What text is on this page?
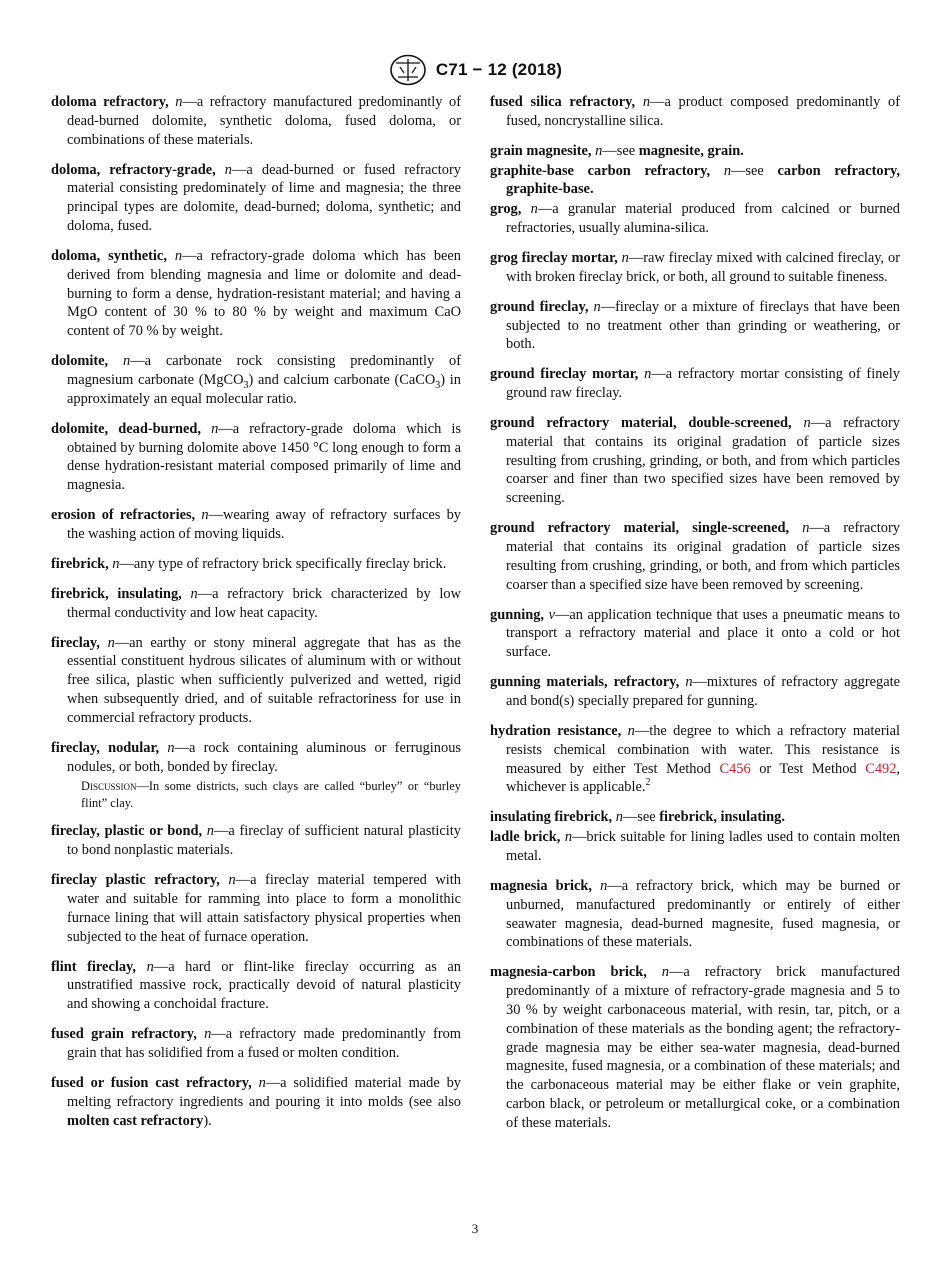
C71 − 12 (2018)

doloma refractory, n—a refractory manufactured predominantly of dead-burned dolomite, synthetic doloma, fused doloma, or combinations of these materials.

doloma, refractory-grade, n—a dead-burned or fused refractory material consisting predominately of lime and magnesia; the three principal types are dolomite, dead-burned; doloma, synthetic; and doloma, fused.

doloma, synthetic, n—a refractory-grade doloma which has been derived from blending magnesia and lime or dolomite and dead-burning to form a dense, hydration-resistant material; and having a MgO content of 30 % to 80 % by weight and maximum CaO content of 70 % by weight.

dolomite, n—a carbonate rock consisting predominantly of magnesium carbonate (MgCO$_3$) and calcium carbonate (CaCO$_3$) in approximately an equal molecular ratio.

dolomite, dead-burned, n—a refractory-grade doloma which is obtained by burning dolomite above 1450 °C long enough to form a dense hydration-resistant material composed primarily of lime and magnesia.

erosion of refractories, n—wearing away of refractory surfaces by the washing action of moving liquids.

firebrick, n—any type of refractory brick specifically fireclay brick.

firebrick, insulating, n—a refractory brick characterized by low thermal conductivity and low heat capacity.

fireclay, n—an earthy or stony mineral aggregate that has as the essential constituent hydrous silicates of aluminum with or without free silica, plastic when sufficiently pulverized and wetted, rigid when subsequently dried, and of suitable refractoriness for use in commercial refractory products.

fireclay, nodular, n—a rock containing aluminous or ferruginous nodules, or both, bonded by fireclay.

Discussion—In some districts, such clays are called “burley” or “burley flint” clay.

fireclay, plastic or bond, n—a fireclay of sufficient natural plasticity to bond nonplastic materials.

fireclay plastic refractory, n—a fireclay material tempered with water and suitable for ramming into place to form a monolithic furnace lining that will attain satisfactory physical properties when subjected to the heat of furnace operation.

flint fireclay, n—a hard or flint-like fireclay occurring as an unstratified massive rock, practically devoid of natural plasticity and showing a conchoidal fracture.

fused grain refractory, n—a refractory made predominantly from grain that has solidified from a fused or molten condition.

fused or fusion cast refractory, n—a solidified material made by melting refractory ingredients and pouring it into molds (see also molten cast refractory).

fused silica refractory, n—a product composed predominantly of fused, noncrystalline silica.

grain magnesite, n—see magnesite, grain.

graphite-base carbon refractory, n—see carbon refractory, graphite-base.

grog, n—a granular material produced from calcined or burned refractories, usually alumina-silica.

grog fireclay mortar, n—raw fireclay mixed with calcined fireclay, or with broken fireclay brick, or both, all ground to suitable fineness.

ground fireclay, n—fireclay or a mixture of fireclays that have been subjected to no treatment other than grinding or weathering, or both.

ground fireclay mortar, n—a refractory mortar consisting of finely ground raw fireclay.

ground refractory material, double-screened, n—a refractory material that contains its original gradation of particle sizes resulting from crushing, grinding, or both, and from which particles coarser and finer than two specified sizes have been removed by screening.

ground refractory material, single-screened, n—a refractory material that contains its original gradation of particle sizes resulting from crushing, grinding, or both, and from which particles coarser than a specified size have been removed by screening.

gunning, v—an application technique that uses a pneumatic means to transport a refractory material and place it onto a cold or hot surface.

gunning materials, refractory, n—mixtures of refractory aggregate and bond(s) specially prepared for gunning.

hydration resistance, n—the degree to which a refractory material resists chemical combination with water. This resistance is measured by either Test Method C456 or Test Method C492, whichever is applicable.$^2$

insulating firebrick, n—see firebrick, insulating.

ladle brick, n—brick suitable for lining ladles used to contain molten metal.

magnesia brick, n—a refractory brick, which may be burned or unburned, manufactured predominantly or entirely of either seawater magnesia, dead-burned magnesite, fused magnesia, or combinations of these materials.

magnesia-carbon brick, n—a refractory brick manufactured predominantly of a mixture of refractory-grade magnesia and 5 to 30 % by weight carbonaceous material, with resin, tar, pitch, or a combination of these materials as the bonding agent; the refractory-grade magnesia may be either sea-water magnesia, dead-burned magnesite, fused magnesia, or a combination of these materials; and the carbonaceous material may be either flake or vein graphite, carbon black, or petroleum or metallurgical coke, or a combination of these materials.

3
